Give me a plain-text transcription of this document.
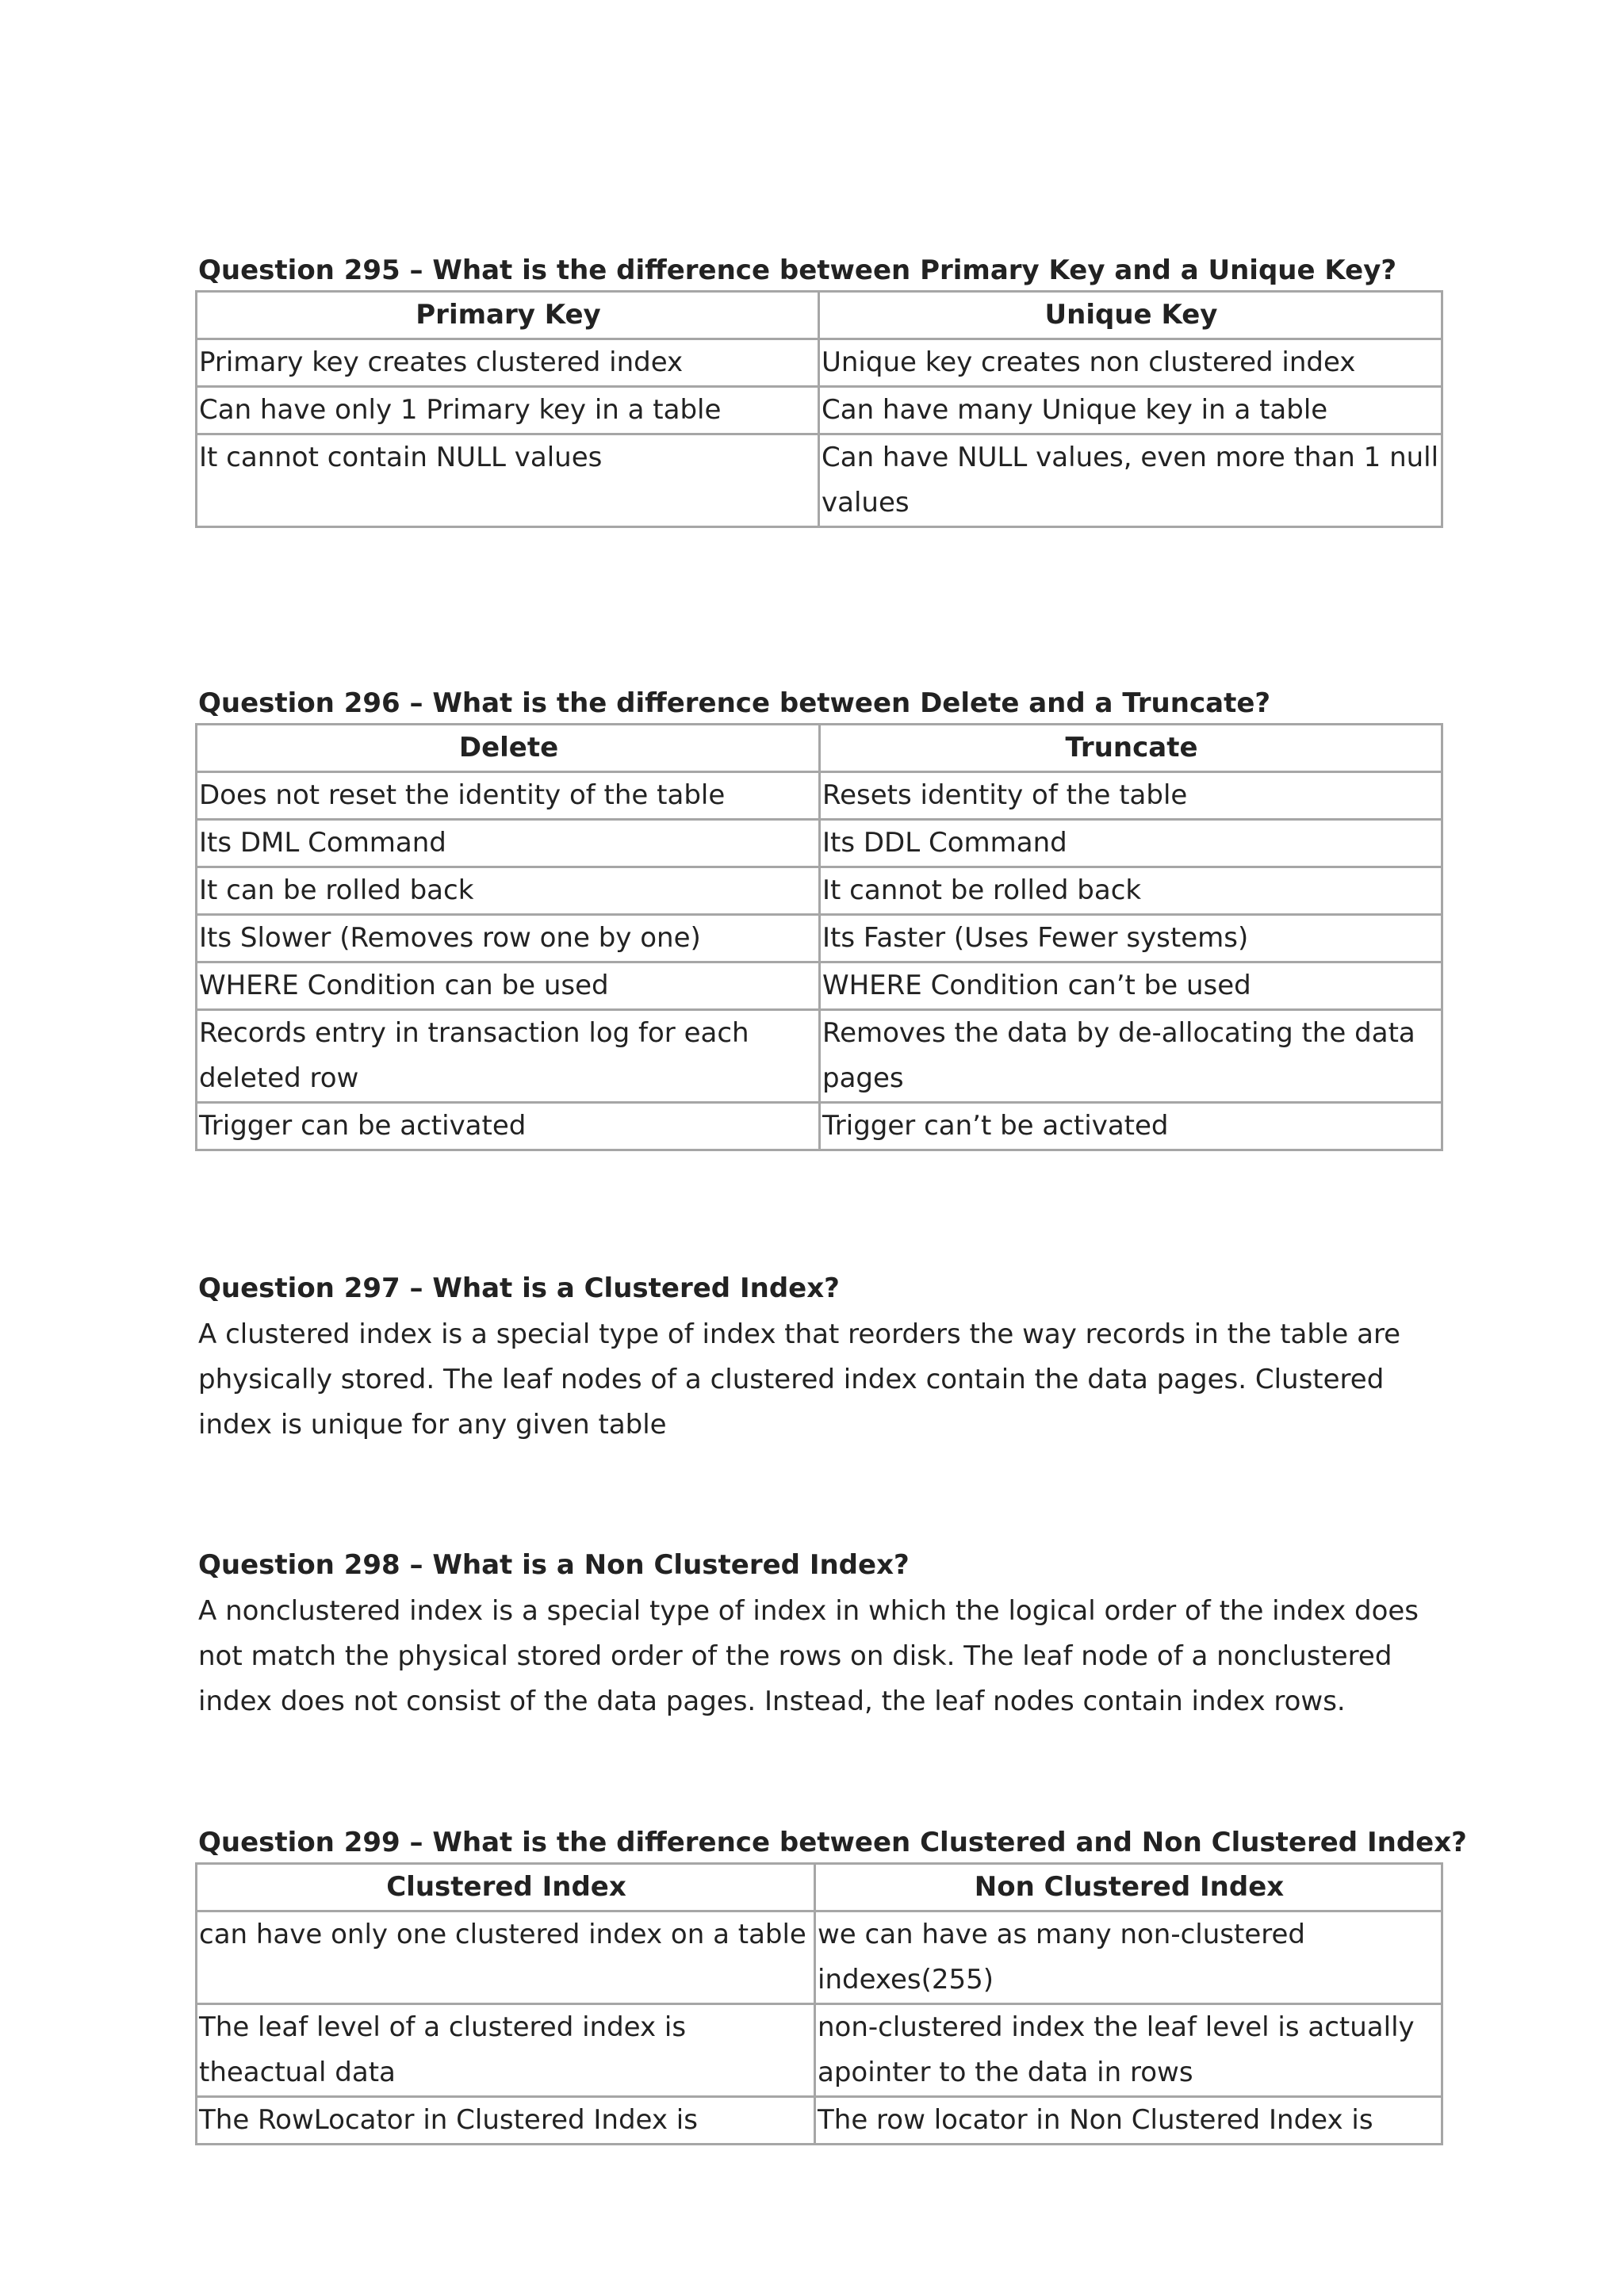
Question 295 – What is the difference between Primary Key and a Unique Key?
Primary Key	Unique Key
Primary key creates clustered index	Unique key creates non clustered index
Can have only 1 Primary key in a table	Can have many Unique key in a table
It cannot contain NULL values	Can have NULL values, even more than 1 null values
Question 296 – What is the difference between Delete and a Truncate?
Delete	Truncate
Does not reset the identity of the table	Resets identity of the table
Its DML Command	Its DDL Command
It can be rolled back	It cannot be rolled back
Its Slower (Removes row one by one)	Its Faster (Uses Fewer systems)
WHERE Condition can be used	WHERE Condition can’t be used
Records entry in transaction log for each deleted row	Removes the data by de-allocating the data pages
Trigger can be activated	Trigger can’t be activated
Question 297 – What is a Clustered Index?

A clustered index is a special type of index that reorders the way records in the table are physically stored. The leaf nodes of a clustered index contain the data pages. Clustered index is unique for any given table

Question 298 – What is a Non Clustered Index?

A nonclustered index is a special type of index in which the logical order of the index does not match the physical stored order of the rows on disk. The leaf node of a nonclustered index does not consist of the data pages. Instead, the leaf nodes contain index rows.

Question 299 – What is the difference between Clustered and Non Clustered Index?
Clustered Index	Non Clustered Index
can have only one clustered index on a table	we can have as many non-clustered indexes(255)
The leaf level of a clustered index is theactual data	non-clustered index the leaf level is actually apointer to the data in rows
The RowLocator in Clustered Index is	The row locator in Non Clustered Index is
